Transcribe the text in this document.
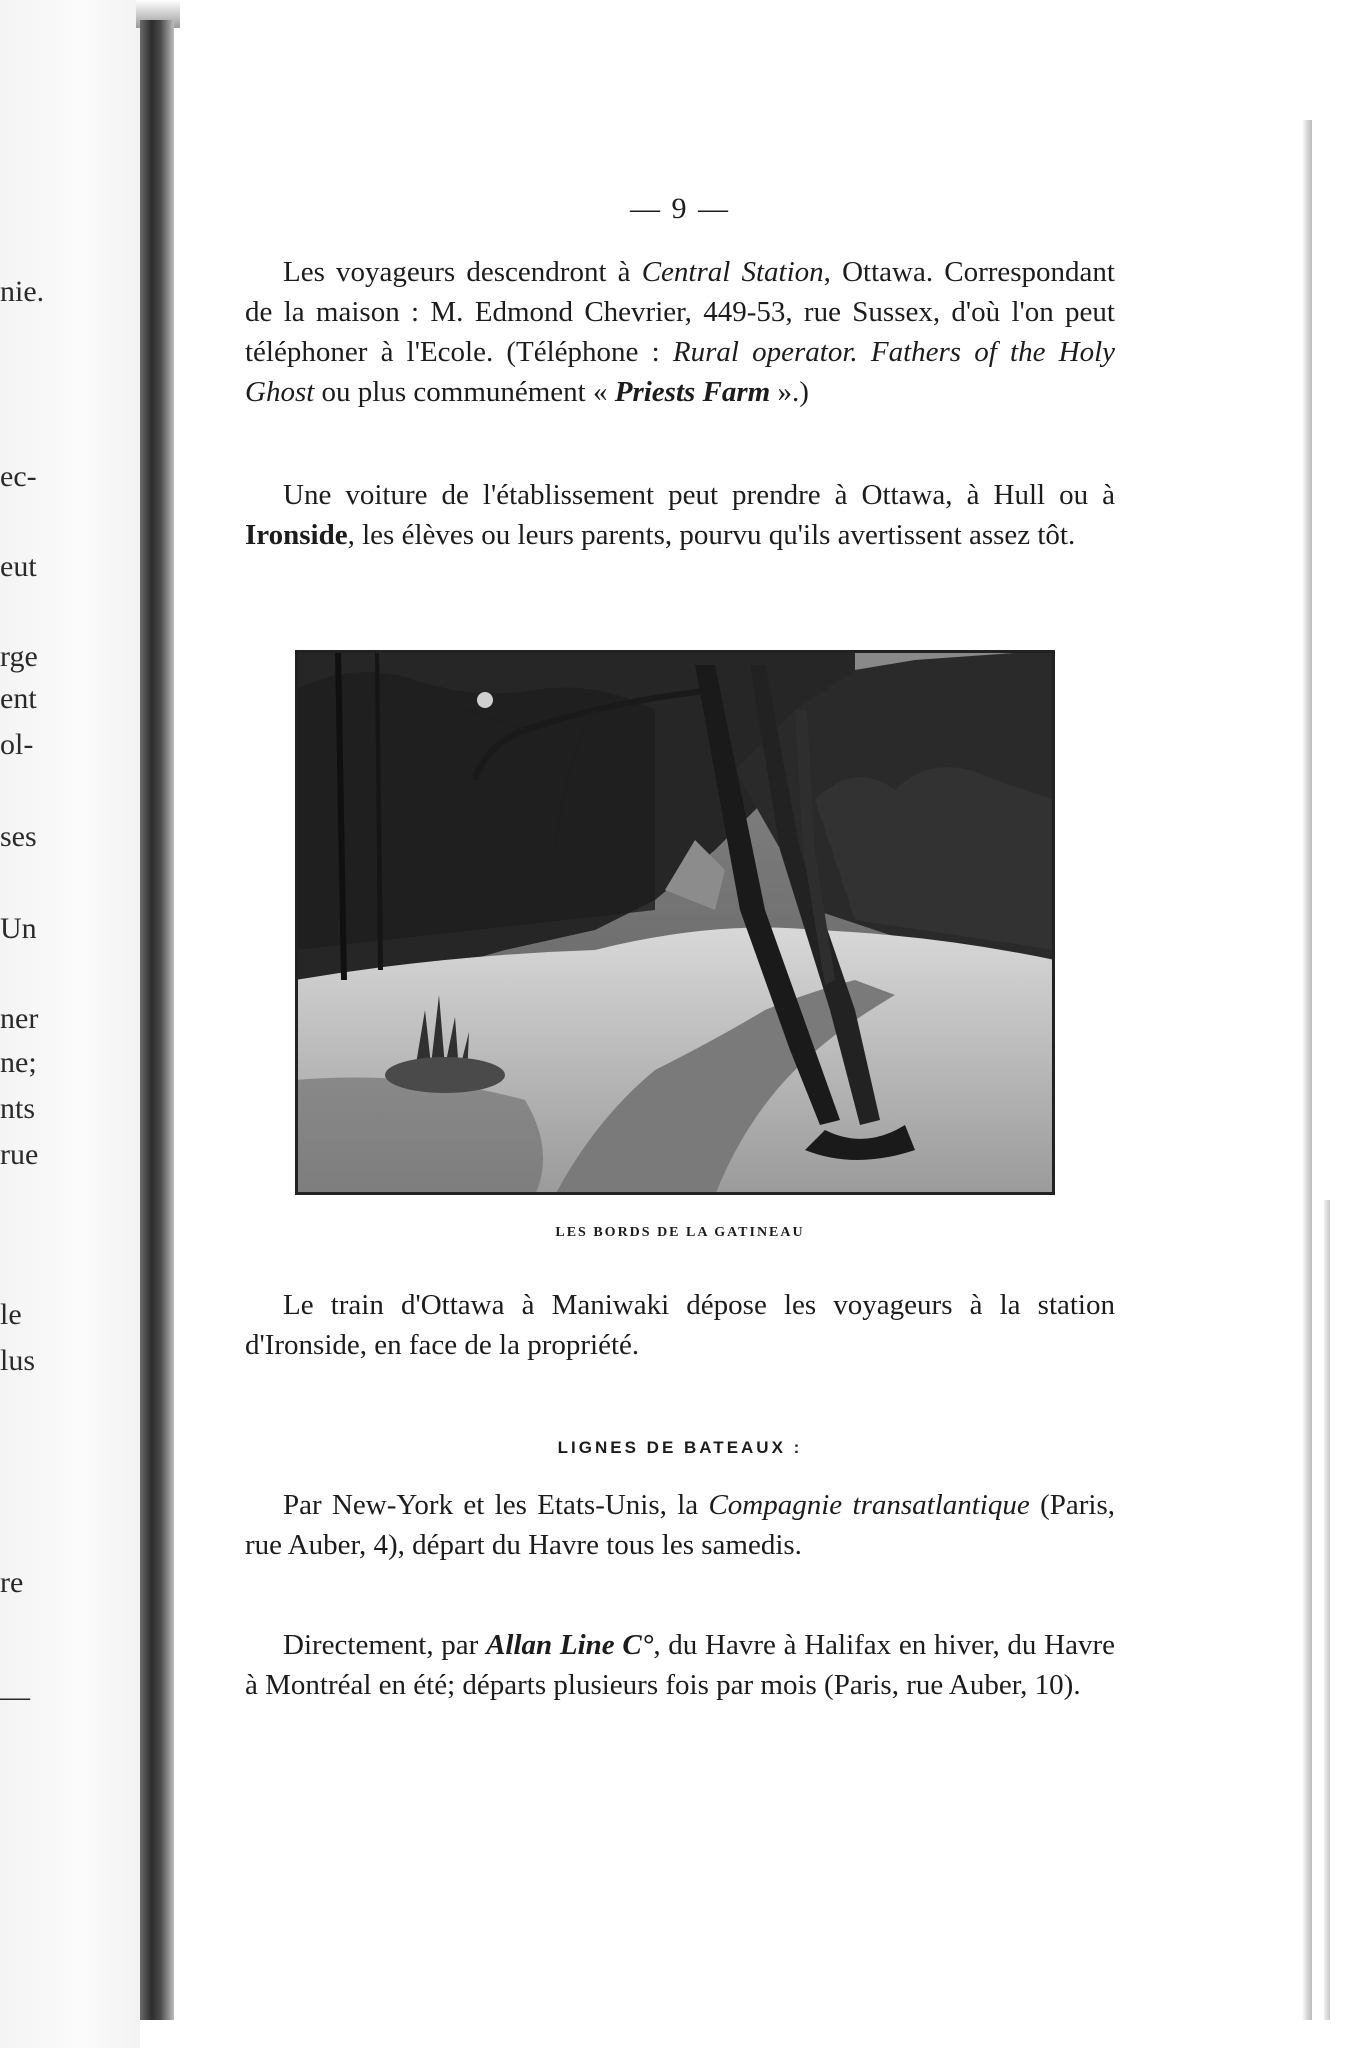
nie.
ec-
eut
rge
ent
ol-
ses
Un
ner
ne;
nts
rue
le
lus
re
—
— 9 —

Les voyageurs descendront à Central Station, Ottawa. Correspondant de la maison : M. Edmond Chevrier, 449-53, rue Sussex, d'où l'on peut téléphoner à l'Ecole. (Téléphone : Rural operator. Fathers of the Holy Ghost ou plus communément « Priests Farm ».)

Une voiture de l'établissement peut prendre à Ottawa, à Hull ou à Ironside, les élèves ou leurs parents, pourvu qu'ils avertissent assez tôt.

LES BORDS DE LA GATINEAU

Le train d'Ottawa à Maniwaki dépose les voyageurs à la station d'Ironside, en face de la propriété.

LIGNES DE BATEAUX :

Par New-York et les Etats-Unis, la Compagnie transatlantique (Paris, rue Auber, 4), départ du Havre tous les samedis.

Directement, par Allan Line C°, du Havre à Halifax en hiver, du Havre à Montréal en été; départs plusieurs fois par mois (Paris, rue Auber, 10).
